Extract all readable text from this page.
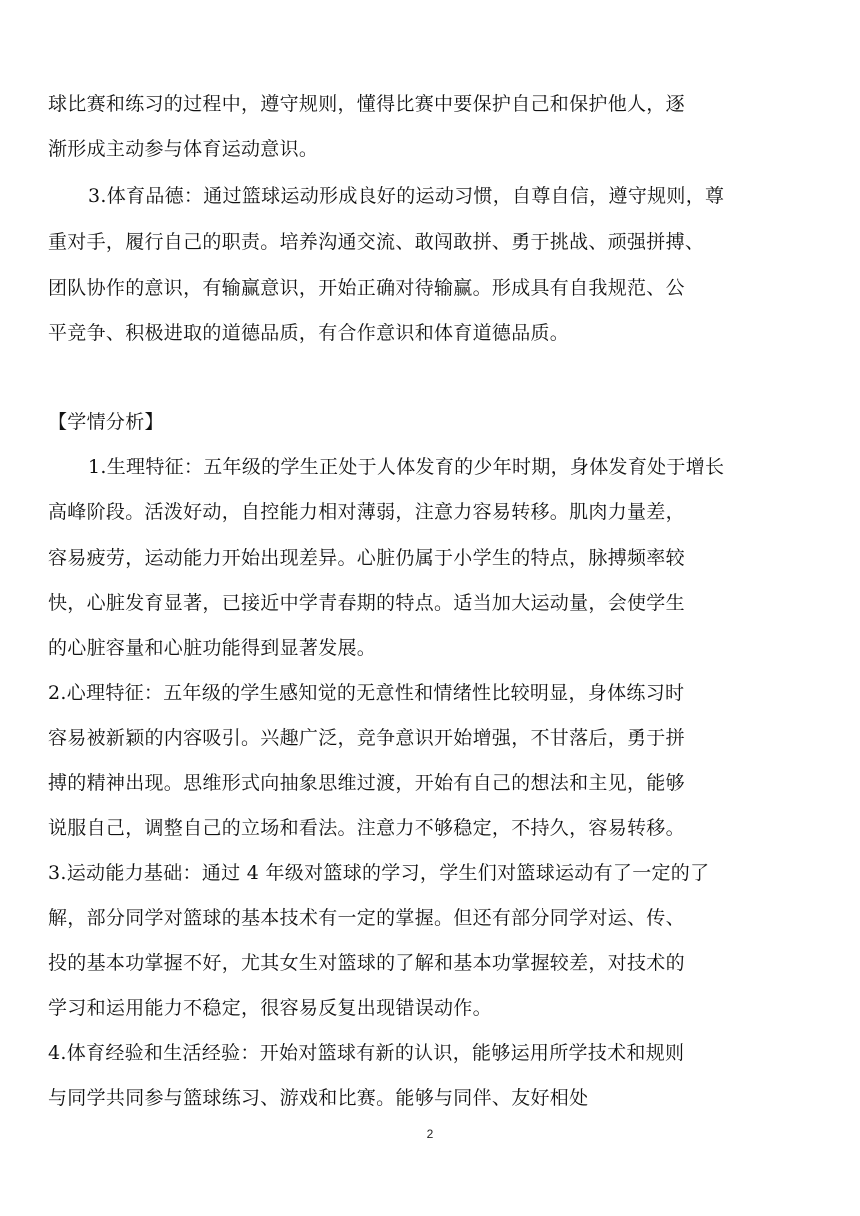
球比赛和练习的过程中，遵守规则，懂得比赛中要保护自己和保护他人，逐
渐形成主动参与体育运动意识。
3.体育品德：通过篮球运动形成良好的运动习惯，自尊自信，遵守规则，尊
重对手，履行自己的职责。培养沟通交流、敢闯敢拼、勇于挑战、顽强拼搏、
团队协作的意识，有输赢意识，开始正确对待输赢。形成具有自我规范、公
平竞争、积极进取的道德品质，有合作意识和体育道德品质。
【学情分析】
1.生理特征：五年级的学生正处于人体发育的少年时期，身体发育处于增长
高峰阶段。活泼好动，自控能力相对薄弱，注意力容易转移。肌肉力量差，
容易疲劳，运动能力开始出现差异。心脏仍属于小学生的特点，脉搏频率较
快，心脏发育显著，已接近中学青春期的特点。适当加大运动量，会使学生
的心脏容量和心脏功能得到显著发展。
2.心理特征：五年级的学生感知觉的无意性和情绪性比较明显，身体练习时
容易被新颖的内容吸引。兴趣广泛，竞争意识开始增强，不甘落后，勇于拼
搏的精神出现。思维形式向抽象思维过渡，开始有自己的想法和主见，能够
说服自己，调整自己的立场和看法。注意力不够稳定，不持久，容易转移。
3.运动能力基础：通过 4 年级对篮球的学习，学生们对篮球运动有了一定的了
解，部分同学对篮球的基本技术有一定的掌握。但还有部分同学对运、传、
投的基本功掌握不好，尤其女生对篮球的了解和基本功掌握较差，对技术的
学习和运用能力不稳定，很容易反复出现错误动作。
4.体育经验和生活经验：开始对篮球有新的认识，能够运用所学技术和规则
与同学共同参与篮球练习、游戏和比赛。能够与同伴、友好相处
2
